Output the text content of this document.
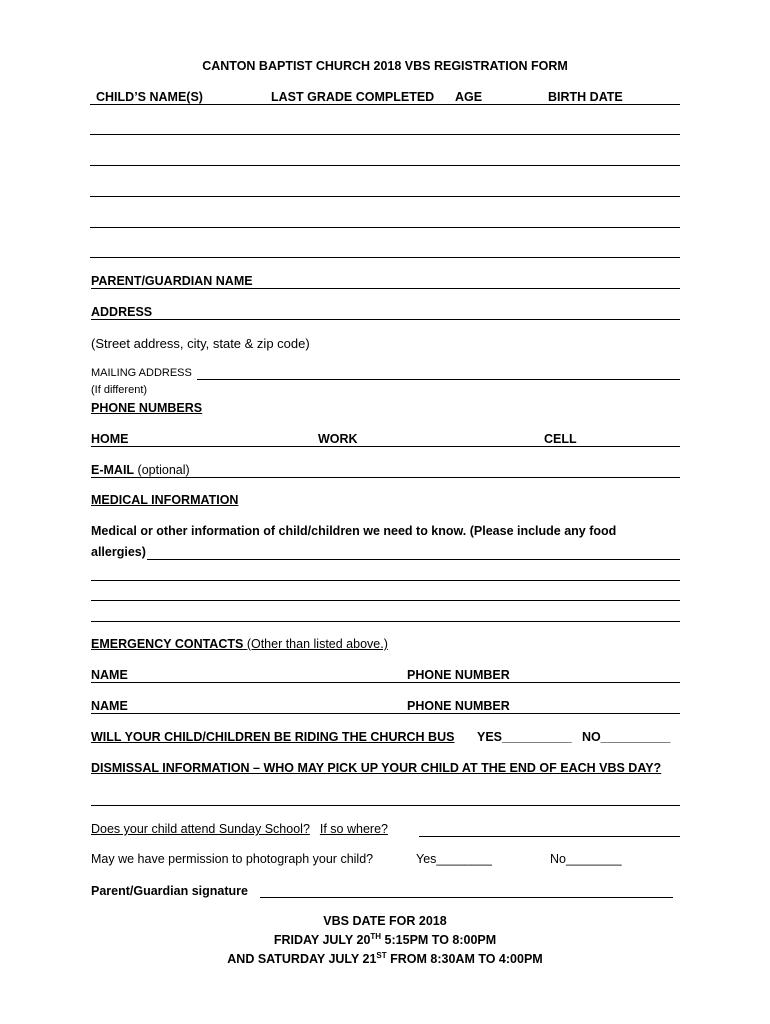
CANTON BAPTIST CHURCH 2018 VBS REGISTRATION FORM
CHILD’S NAME(S)	LAST GRADE COMPLETED AGE	BIRTH DATE
PARENT/GUARDIAN NAME
ADDRESS
(Street address, city, state & zip code)
MAILING ADDRESS
(If different)
PHONE NUMBERS
HOME	WORK	CELL
E-MAIL (optional)
MEDICAL INFORMATION
Medical or other information of child/children we need to know. (Please include any food
allergies)
EMERGENCY CONTACTS (Other than listed above.)
NAME	PHONE NUMBER
NAME	PHONE NUMBER
WILL YOUR CHILD/CHILDREN BE RIDING THE CHURCH BUS YES__________ NO__________
DISMISSAL INFORMATION – WHO MAY PICK UP YOUR CHILD AT THE END OF EACH VBS DAY?
Does your child attend Sunday School? If so where?
May we have permission to photograph your child?	Yes________	No________
Parent/Guardian signature
VBS DATE FOR 2018
FRIDAY JULY 20TH 5:15PM TO 8:00PM
AND SATURDAY JULY 21ST FROM 8:30AM TO 4:00PM
